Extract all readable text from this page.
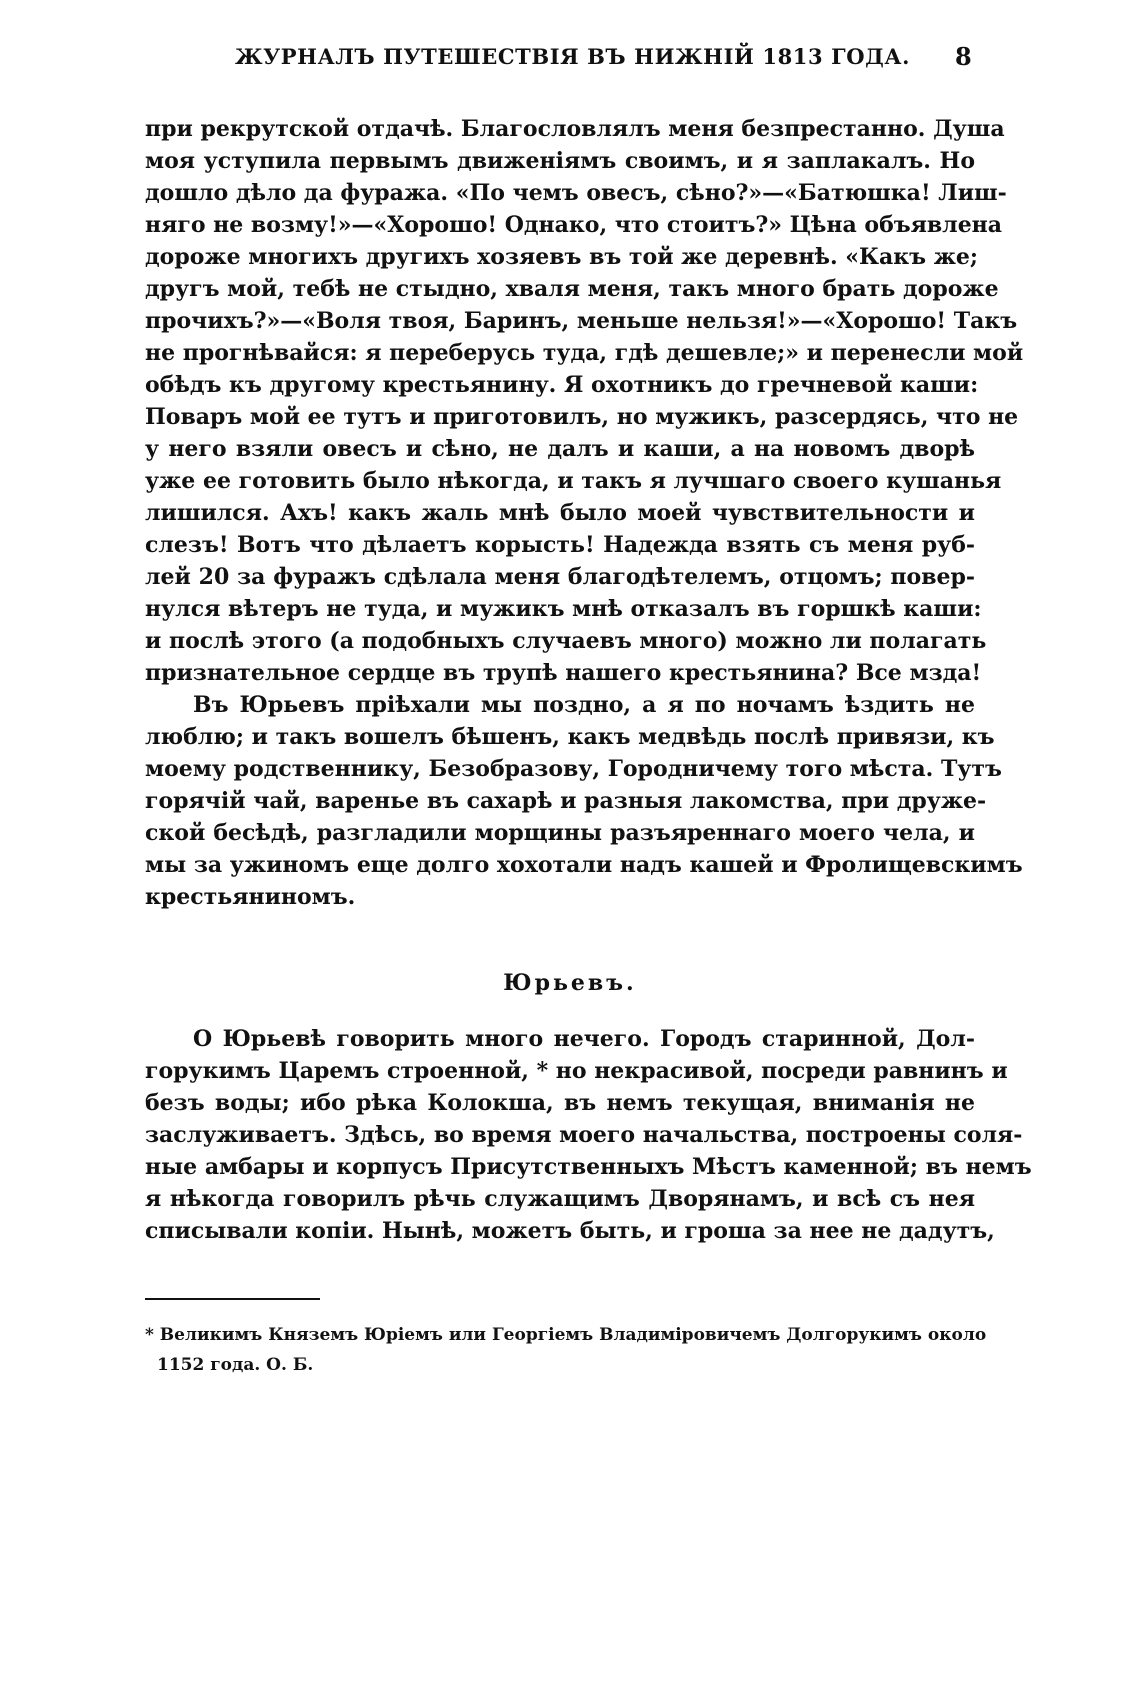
ЖУРНАЛЪ ПУТЕШЕСТВІЯ ВЪ НИЖНІЙ 1813 ГОДА. 8
при рекрутской отдачѣ. Благословлялъ меня безпрестанно. Душа
моя уступила первымъ движеніямъ своимъ, и я заплакалъ. Но
дошло дѣло да фуража. «По чемъ овесъ, сѣно?»—«Батюшка! Лиш-
няго не возму!»—«Хорошо! Однако, что стоитъ?» Цѣна объявлена
дороже многихъ другихъ хозяевъ въ той же деревнѣ. «Какъ же;
другъ мой, тебѣ не стыдно, хваля меня, такъ много брать дороже
прочихъ?»—«Воля твоя, Баринъ, меньше нельзя!»—«Хорошо! Такъ
не прогнѣвайся: я переберусь туда, гдѣ дешевле;» и перенесли мой
обѣдъ къ другому крестьянину. Я охотникъ до гречневой каши:
Поваръ мой ее тутъ и приготовилъ, но мужикъ, разсердясь, что не
у него взяли овесъ и сѣно, не далъ и каши, а на новомъ дворѣ
уже ее готовить было нѣкогда, и такъ я лучшаго своего кушанья
лишился. Ахъ! какъ жаль мнѣ было моей чувствительности и
слезъ! Вотъ что дѣлаетъ корысть! Надежда взять съ меня руб-
лей 20 за фуражъ сдѣлала меня благодѣтелемъ, отцомъ; повер-
нулся вѣтеръ не туда, и мужикъ мнѣ отказалъ въ горшкѣ каши:
и послѣ этого (а подобныхъ случаевъ много) можно ли полагать
признательное сердце въ трупѣ нашего крестьянина? Все мзда!
Въ Юрьевъ пріѣхали мы поздно, а я по ночамъ ѣздить не
люблю; и такъ вошелъ бѣшенъ, какъ медвѣдь послѣ привязи, къ
моему родственнику, Безобразову, Городничему того мѣста. Тутъ
горячій чай, варенье въ сахарѣ и разныя лакомства, при друже-
ской бесѣдѣ, разгладили морщины разъяреннаго моего чела, и
мы за ужиномъ еще долго хохотали надъ кашей и Фролищевскимъ
крестьяниномъ.
Юрьевъ.
О Юрьевѣ говорить много нечего. Городъ старинной, Дол-
горукимъ Царемъ строенной, * но некрасивой, посреди равнинъ и
безъ воды; ибо рѣка Колокша, въ немъ текущая, вниманія не
заслуживаетъ. Здѣсь, во время моего начальства, построены соля-
ные амбары и корпусъ Присутственныхъ Мѣстъ каменной; въ немъ
я нѣкогда говорилъ рѣчь служащимъ Дворянамъ, и всѣ съ нея
списывали копіи. Нынѣ, можетъ быть, и гроша за нее не дадутъ,
* Великимъ Княземъ Юріемъ или Георгіемъ Владиміровичемъ Долгорукимъ около
1152 года. О. Б.
